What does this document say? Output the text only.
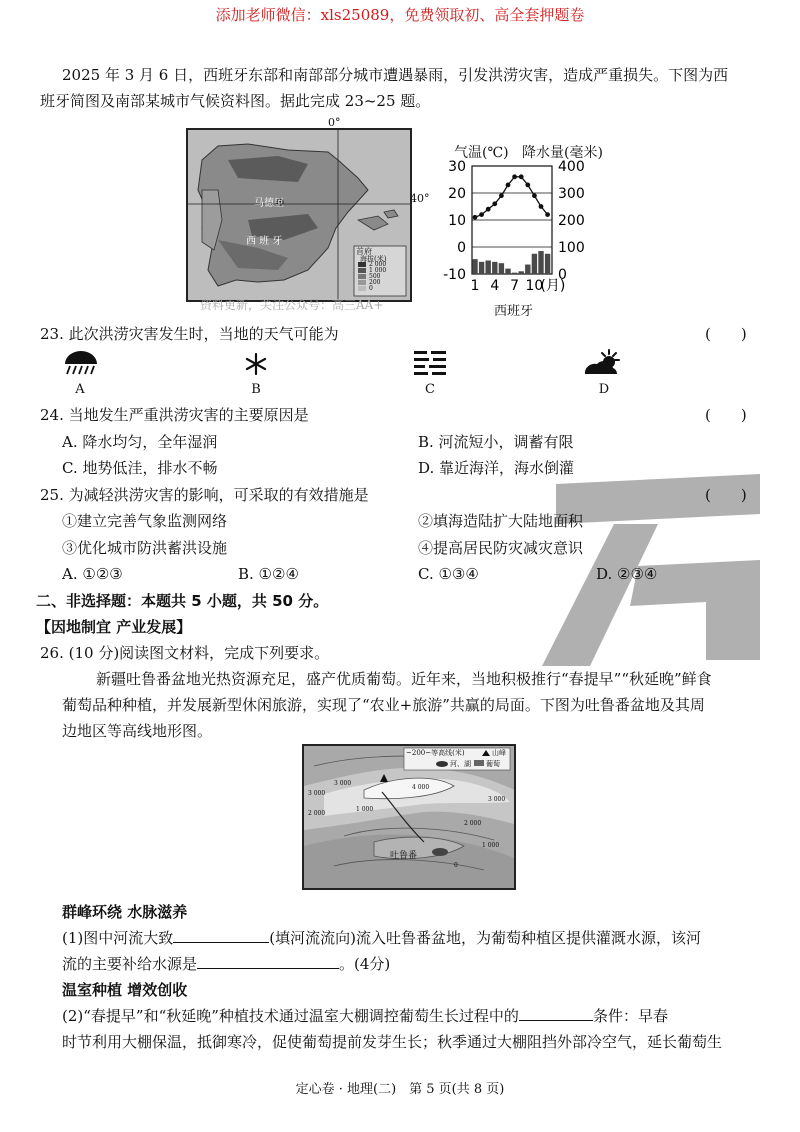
添加老师微信：xls25089，免费领取初、高全套押题卷
2025 年 3 月 6 日，西班牙东部和南部部分城市遭遇暴雨，引发洪涝灾害，造成严重损失。下图为西
班牙简图及南部某城市气候资料图。据此完成 23~25 题。
马德里
西 班 牙
首府
海拔(米)
2 000
1 000
500
200
0
0°
40°
气温(℃) 降水量(毫米)
30
20
10
0
-10
400
300
200
100
0
1 4 7 10
(月)
西班牙
资料更新，关注公众号：高三AA+
23. 此次洪涝灾害发生时，当地的天气可能为	(　　)
A	B	C	D
24. 当地发生严重洪涝灾害的主要原因是	(　　)
A. 降水均匀，全年湿润	B. 河流短小，调蓄有限
C. 地势低洼，排水不畅	D. 靠近海洋，海水倒灌
25. 为减轻洪涝灾害的影响，可采取的有效措施是	(　　)
①建立完善气象监测网络	②填海造陆扩大陆地面积
③优化城市防洪蓄洪设施	④提高居民防灾减灾意识
A. ①②③	B. ①②④	C. ①③④	D. ②③④
二、非选择题：本题共 5 小题，共 50 分。
【因地制宜 产业发展】
26. (10 分)阅读图文材料，完成下列要求。
新疆吐鲁番盆地光热资源充足，盛产优质葡萄。近年来，当地积极推行“春提早”“秋延晚”鲜食
葡萄品种种植，并发展新型休闲旅游，实现了“农业+旅游”共赢的局面。下图为吐鲁番盆地及其周
边地区等高线地形图。
~200~等高线(米)	山峰
河、湖 葡萄
3 000
2 000
1 000
3 000
4 000
3 000
2 000
1 000
0
吐鲁番
群峰环绕 水脉滋养
(1)图中河流大致	(填河流流向)流入吐鲁番盆地，为葡萄种植区提供灌溉水源，该河
流的主要补给水源是	。(4分)
温室种植 增效创收
(2)“春提早”和“秋延晚”种植技术通过温室大棚调控葡萄生长过程中的	条件：早春
时节利用大棚保温，抵御寒冷，促使葡萄提前发芽生长；秋季通过大棚阻挡外部冷空气，延长葡萄生
定心卷 · 地理(二)　第 5 页(共 8 页)
